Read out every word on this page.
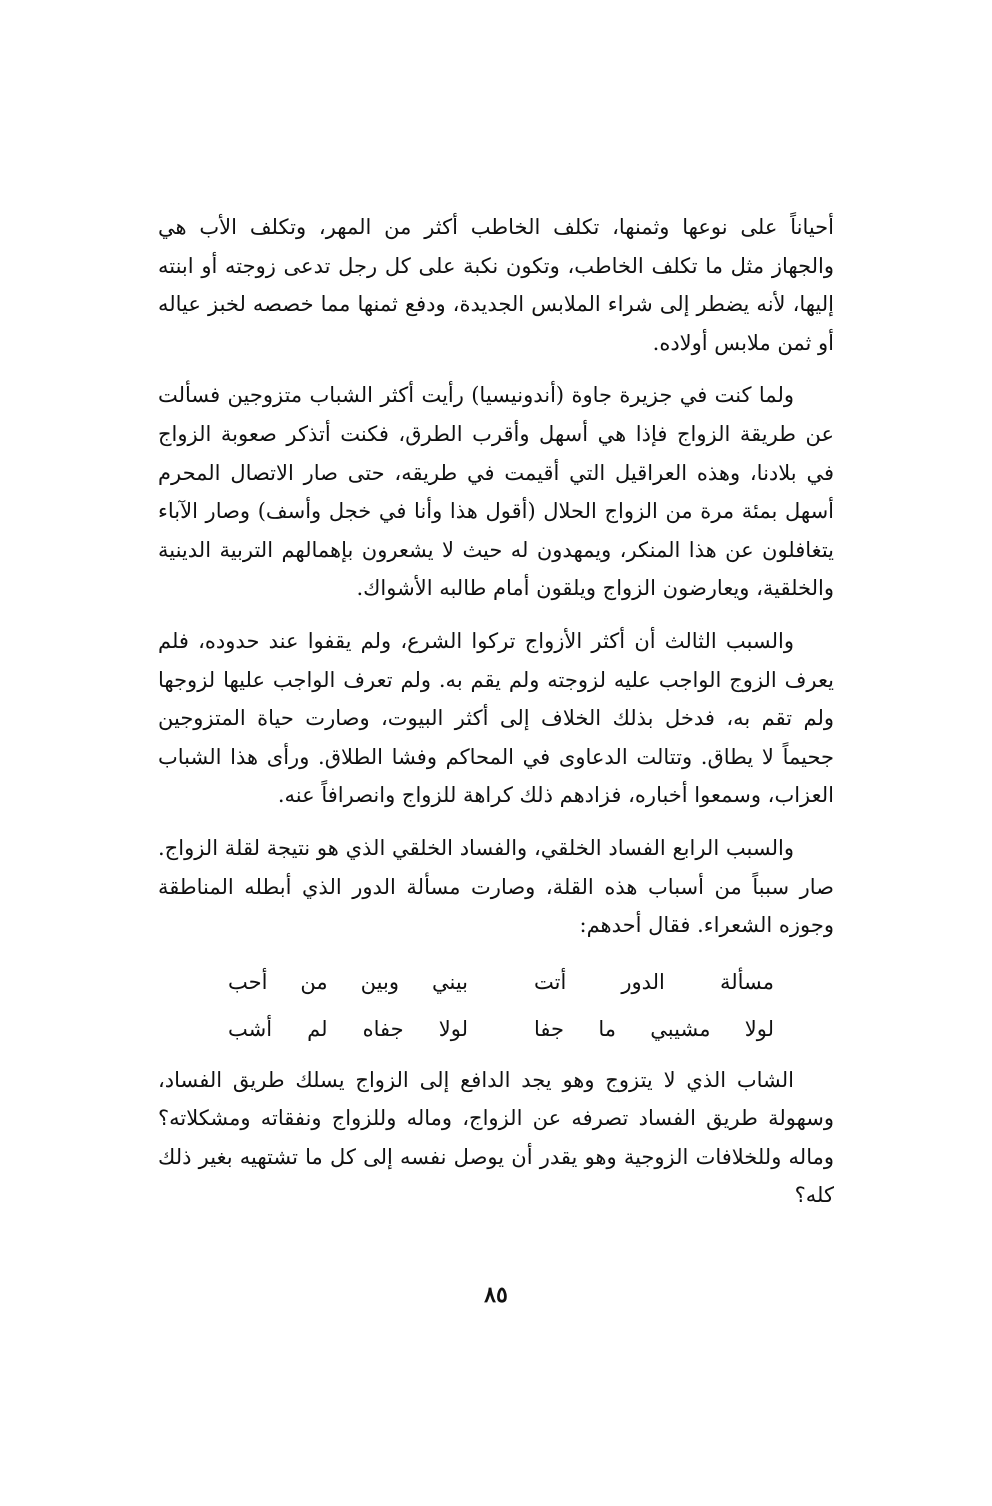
أحياناً على نوعها وثمنها، تكلف الخاطب أكثر من المهر، وتكلف الأب هي والجهاز مثل ما تكلف الخاطب، وتكون نكبة على كل رجل تدعى زوجته أو ابنته إليها، لأنه يضطر إلى شراء الملابس الجديدة، ودفع ثمنها مما خصصه لخبز عياله أو ثمن ملابس أولاده.

ولما كنت في جزيرة جاوة (أندونيسيا) رأيت أكثر الشباب متزوجين فسألت عن طريقة الزواج فإذا هي أسهل وأقرب الطرق، فكنت أتذكر صعوبة الزواج في بلادنا، وهذه العراقيل التي أقيمت في طريقه، حتى صار الاتصال المحرم أسهل بمئة مرة من الزواج الحلال (أقول هذا وأنا في خجل وأسف) وصار الآباء يتغافلون عن هذا المنكر، ويمهدون له حيث لا يشعرون بإهمالهم التربية الدينية والخلقية، ويعارضون الزواج ويلقون أمام طالبه الأشواك.

والسبب الثالث أن أكثر الأزواج تركوا الشرع، ولم يقفوا عند حدوده، فلم يعرف الزوج الواجب عليه لزوجته ولم يقم به. ولم تعرف الواجب عليها لزوجها ولم تقم به، فدخل بذلك الخلاف إلى أكثر البيوت، وصارت حياة المتزوجين جحيماً لا يطاق. وتتالت الدعاوى في المحاكم وفشا الطلاق. ورأى هذا الشباب العزاب، وسمعوا أخباره، فزادهم ذلك كراهة للزواج وانصرافاً عنه.

والسبب الرابع الفساد الخلقي، والفساد الخلقي الذي هو نتيجة لقلة الزواج. صار سبباً من أسباب هذه القلة، وصارت مسألة الدور الذي أبطله المناطقة وجوزه الشعراء. فقال أحدهم:

مسألة الدور أتت
بيني وبين من أحب
لولا مشيبي ما جفا
لولا جفاه لم أشب

الشاب الذي لا يتزوج وهو يجد الدافع إلى الزواج يسلك طريق الفساد، وسهولة طريق الفساد تصرفه عن الزواج، وماله وللزواج ونفقاته ومشكلاته؟ وماله وللخلافات الزوجية وهو يقدر أن يوصل نفسه إلى كل ما تشتهيه بغير ذلك كله؟

٨٥
